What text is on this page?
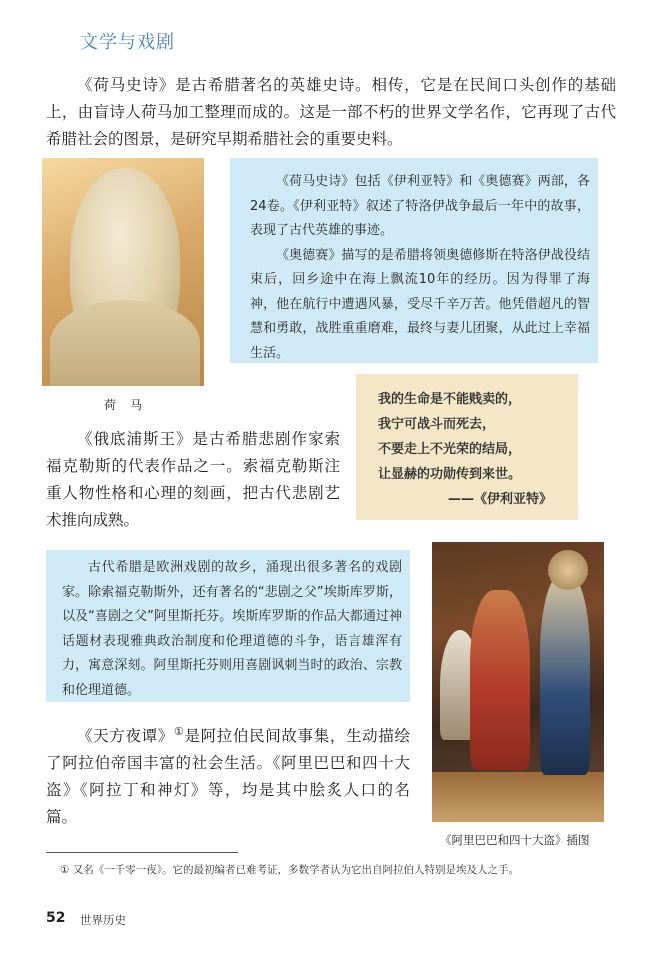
文学与戏剧
《荷马史诗》是古希腊著名的英雄史诗。相传，它是在民间口头创作的基础上，由盲诗人荷马加工整理而成的。这是一部不朽的世界文学名作，它再现了古代希腊社会的图景，是研究早期希腊社会的重要史料。
荷马

《荷马史诗》包括《伊利亚特》和《奥德赛》两部，各24卷。《伊利亚特》叙述了特洛伊战争最后一年中的故事，表现了古代英雄的事迹。

《奥德赛》描写的是希腊将领奥德修斯在特洛伊战役结束后，回乡途中在海上飘流10年的经历。因为得罪了海神，他在航行中遭遇风暴，受尽千辛万苦。他凭借超凡的智慧和勇敢，战胜重重磨难，最终与妻儿团聚，从此过上幸福生活。

我的生命是不能贱卖的，
我宁可战斗而死去，
不要走上不光荣的结局，
让显赫的功勋传到来世。
——《伊利亚特》
《俄底浦斯王》是古希腊悲剧作家索福克勒斯的代表作品之一。索福克勒斯注重人物性格和心理的刻画，把古代悲剧艺术推向成熟。

古代希腊是欧洲戏剧的故乡，涌现出很多著名的戏剧家。除索福克勒斯外，还有著名的“悲剧之父”埃斯库罗斯，以及“喜剧之父”阿里斯托芬。埃斯库罗斯的作品大都通过神话题材表现雅典政治制度和伦理道德的斗争，语言雄浑有力，寓意深刻。阿里斯托芬则用喜剧讽刺当时的政治、宗教和伦理道德。

《阿里巴巴和四十大盗》插图
《天方夜谭》①是阿拉伯民间故事集，生动描绘了阿拉伯帝国丰富的社会生活。《阿里巴巴和四十大盗》《阿拉丁和神灯》等，均是其中脍炙人口的名篇。
① 又名《一千零一夜》。它的最初编者已难考证，多数学者认为它出自阿拉伯人特别是埃及人之手。
52 世界历史
